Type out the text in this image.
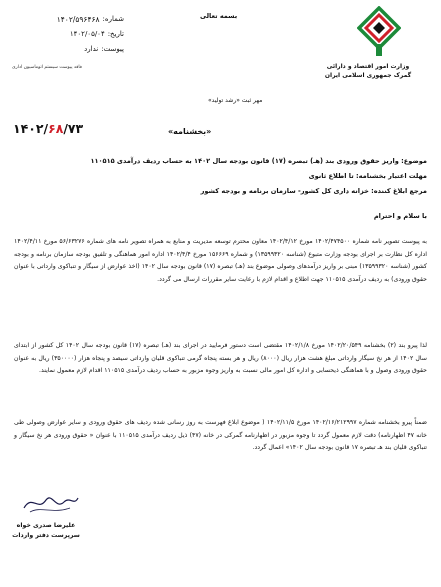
وزارت امور اقتصاد و دارائی
گمرک جمهوری اسلامی ایران
بسمه تعالی
شماره:
۱۴۰۲/۵۹۶۴۶۸
تاریخ:
۱۴۰۲/۰۵/۰۴
پیوست:
ندارد
فاقد پیوست سیستم اتوماسیون اداری
مهر ثبت «رشد تولید»
۱۴۰۲/۶۸/۷۳	«بخشنامه»
موضوع: واریز حقوق ورودی بند (هـ) تبصره (۱۷) قانون بودجه سال ۱۴۰۲ به حساب ردیف درآمدی ۱۱۰۵۱۵
مهلت اعتبار بخشنامه: تا اطلاع ثانوی
مرجع ابلاغ کننده: خزانه داری کل کشور- سازمان برنامه و بودجه کشور
با سلام و احترام
به پیوست تصویر نامه شماره ۱۴۰۲/۴۷۴۵۰۰ مورخ ۱۴۰۲/۴/۱۲ معاون محترم توسعه مدیریت و منابع به همراه تصویر نامه های شماره ۵۶/۶۳۲۷۶ مورخ ۱۴۰۲/۴/۱۱ اداره کل نظارت بر اجرای بودجه وزارت متبوع (شناسه ۱۳۵۹۹۳۲۰) و شماره ۱۵۶۶۶۹ مورخ ۱۴۰۲/۴/۴ اداره امور هماهنگی و تلفیق بودجه سازمان برنامه و بودجه کشور (شناسه ۱۳۵۹۹۳۲۰) مبنی بر واریز درآمدهای وصولی موضوع بند (هـ) تبصره (۱۷) قانون بودجه سال ۱۴۰۲ (اخذ عوارض از سیگار و تنباکوی وارداتی با عنوان حقوق ورودی) به ردیف درآمدی ۱۱۰۵۱۵ جهت اطلاع و اقدام لازم با رعایت سایر مقررات ارسال می گردد.
لذا پیرو بند (۲) بخشنامه ۱۴۰۲/۲۰/۵۴۹ مورخ ۱۴۰۲/۱/۸ مقتضی است دستور فرمایید در اجرای بند (هـ) تبصره (۱۷) قانون بودجه سال ۱۴۰۲ کل کشور از ابتدای سال ۱۴۰۲ از هر نخ سیگار وارداتی مبلغ هشت هزار ریال (۸۰۰۰) ریال و هر بسته پنجاه گرمی تنباکوی قلیان وارداتی سیصد و پنجاه هزار (۳۵۰۰۰۰) ریال به عنوان حقوق ورودی وصول و با هماهنگی ذیحسابی و اداره کل امور مالی نسبت به واریز وجوه مزبور به حساب ردیف درآمدی ۱۱۰۵۱۵ اقدام لازم معمول نمایند.
ضمناً پیرو بخشنامه شماره ۱۴۰۲/۱۶/۲۱۲۹۹۷ مورخ ۱۴۰۲/۱۱/۵ ( موضوع ابلاغ فهرست به روز رسانی شده ردیف های حقوق ورودی و سایر عوارض وصولی طی خانه ۴۷ اظهارنامه) دقت لازم معمول گردد تا وجوه مزبور در اظهارنامه گمرکی در خانه (۴۷) ذیل ردیف درآمدی ۱۱۰۵۱۵ با عنوان « حقوق ورودی هر نخ سیگار و تنباکوی قلیان بند هـ تبصره ۱۷ قانون بودجه سال ۱۴۰۲» اعمال گردد.
علیرضا صدری خواه
سرپرست دفتر واردات
